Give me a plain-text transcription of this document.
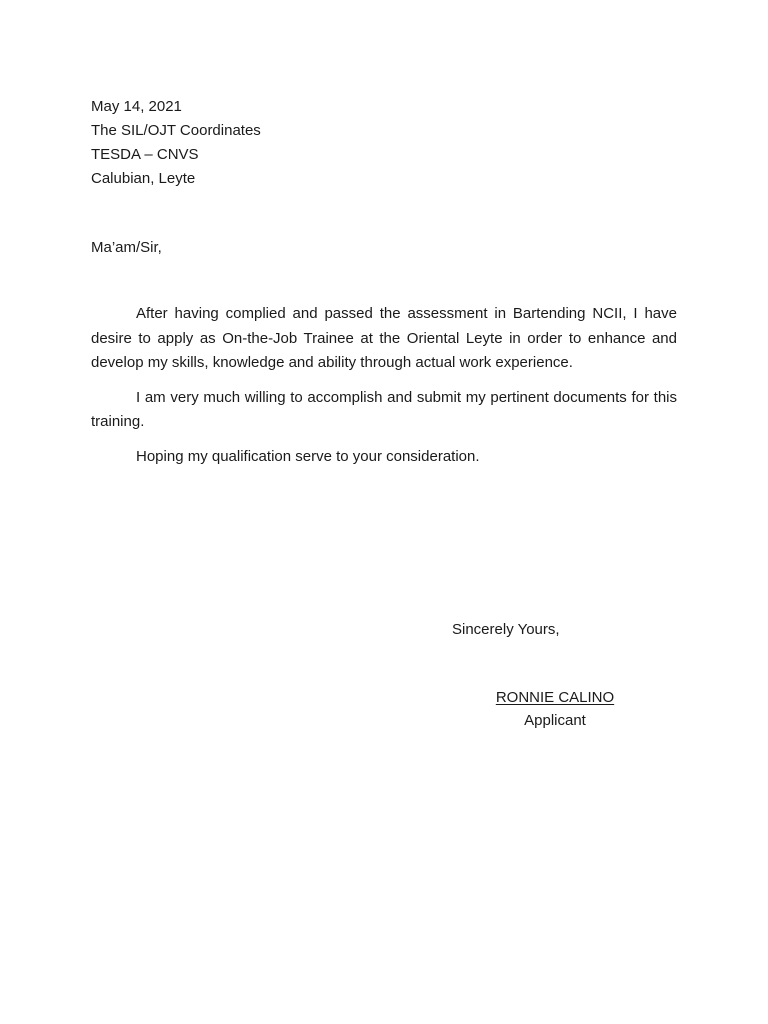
May 14, 2021
The SIL/OJT Coordinates
TESDA – CNVS
Calubian, Leyte
Ma’am/Sir,

After having complied and passed the assessment in Bartending NCII, I have desire to apply as On-the-Job Trainee at the Oriental Leyte in order to enhance and develop my skills, knowledge and ability through actual work experience.

I am very much willing to accomplish and submit my pertinent documents for this training.

Hoping my qualification serve to your consideration.

Sincerely Yours,
RONNIE CALINO
Applicant
